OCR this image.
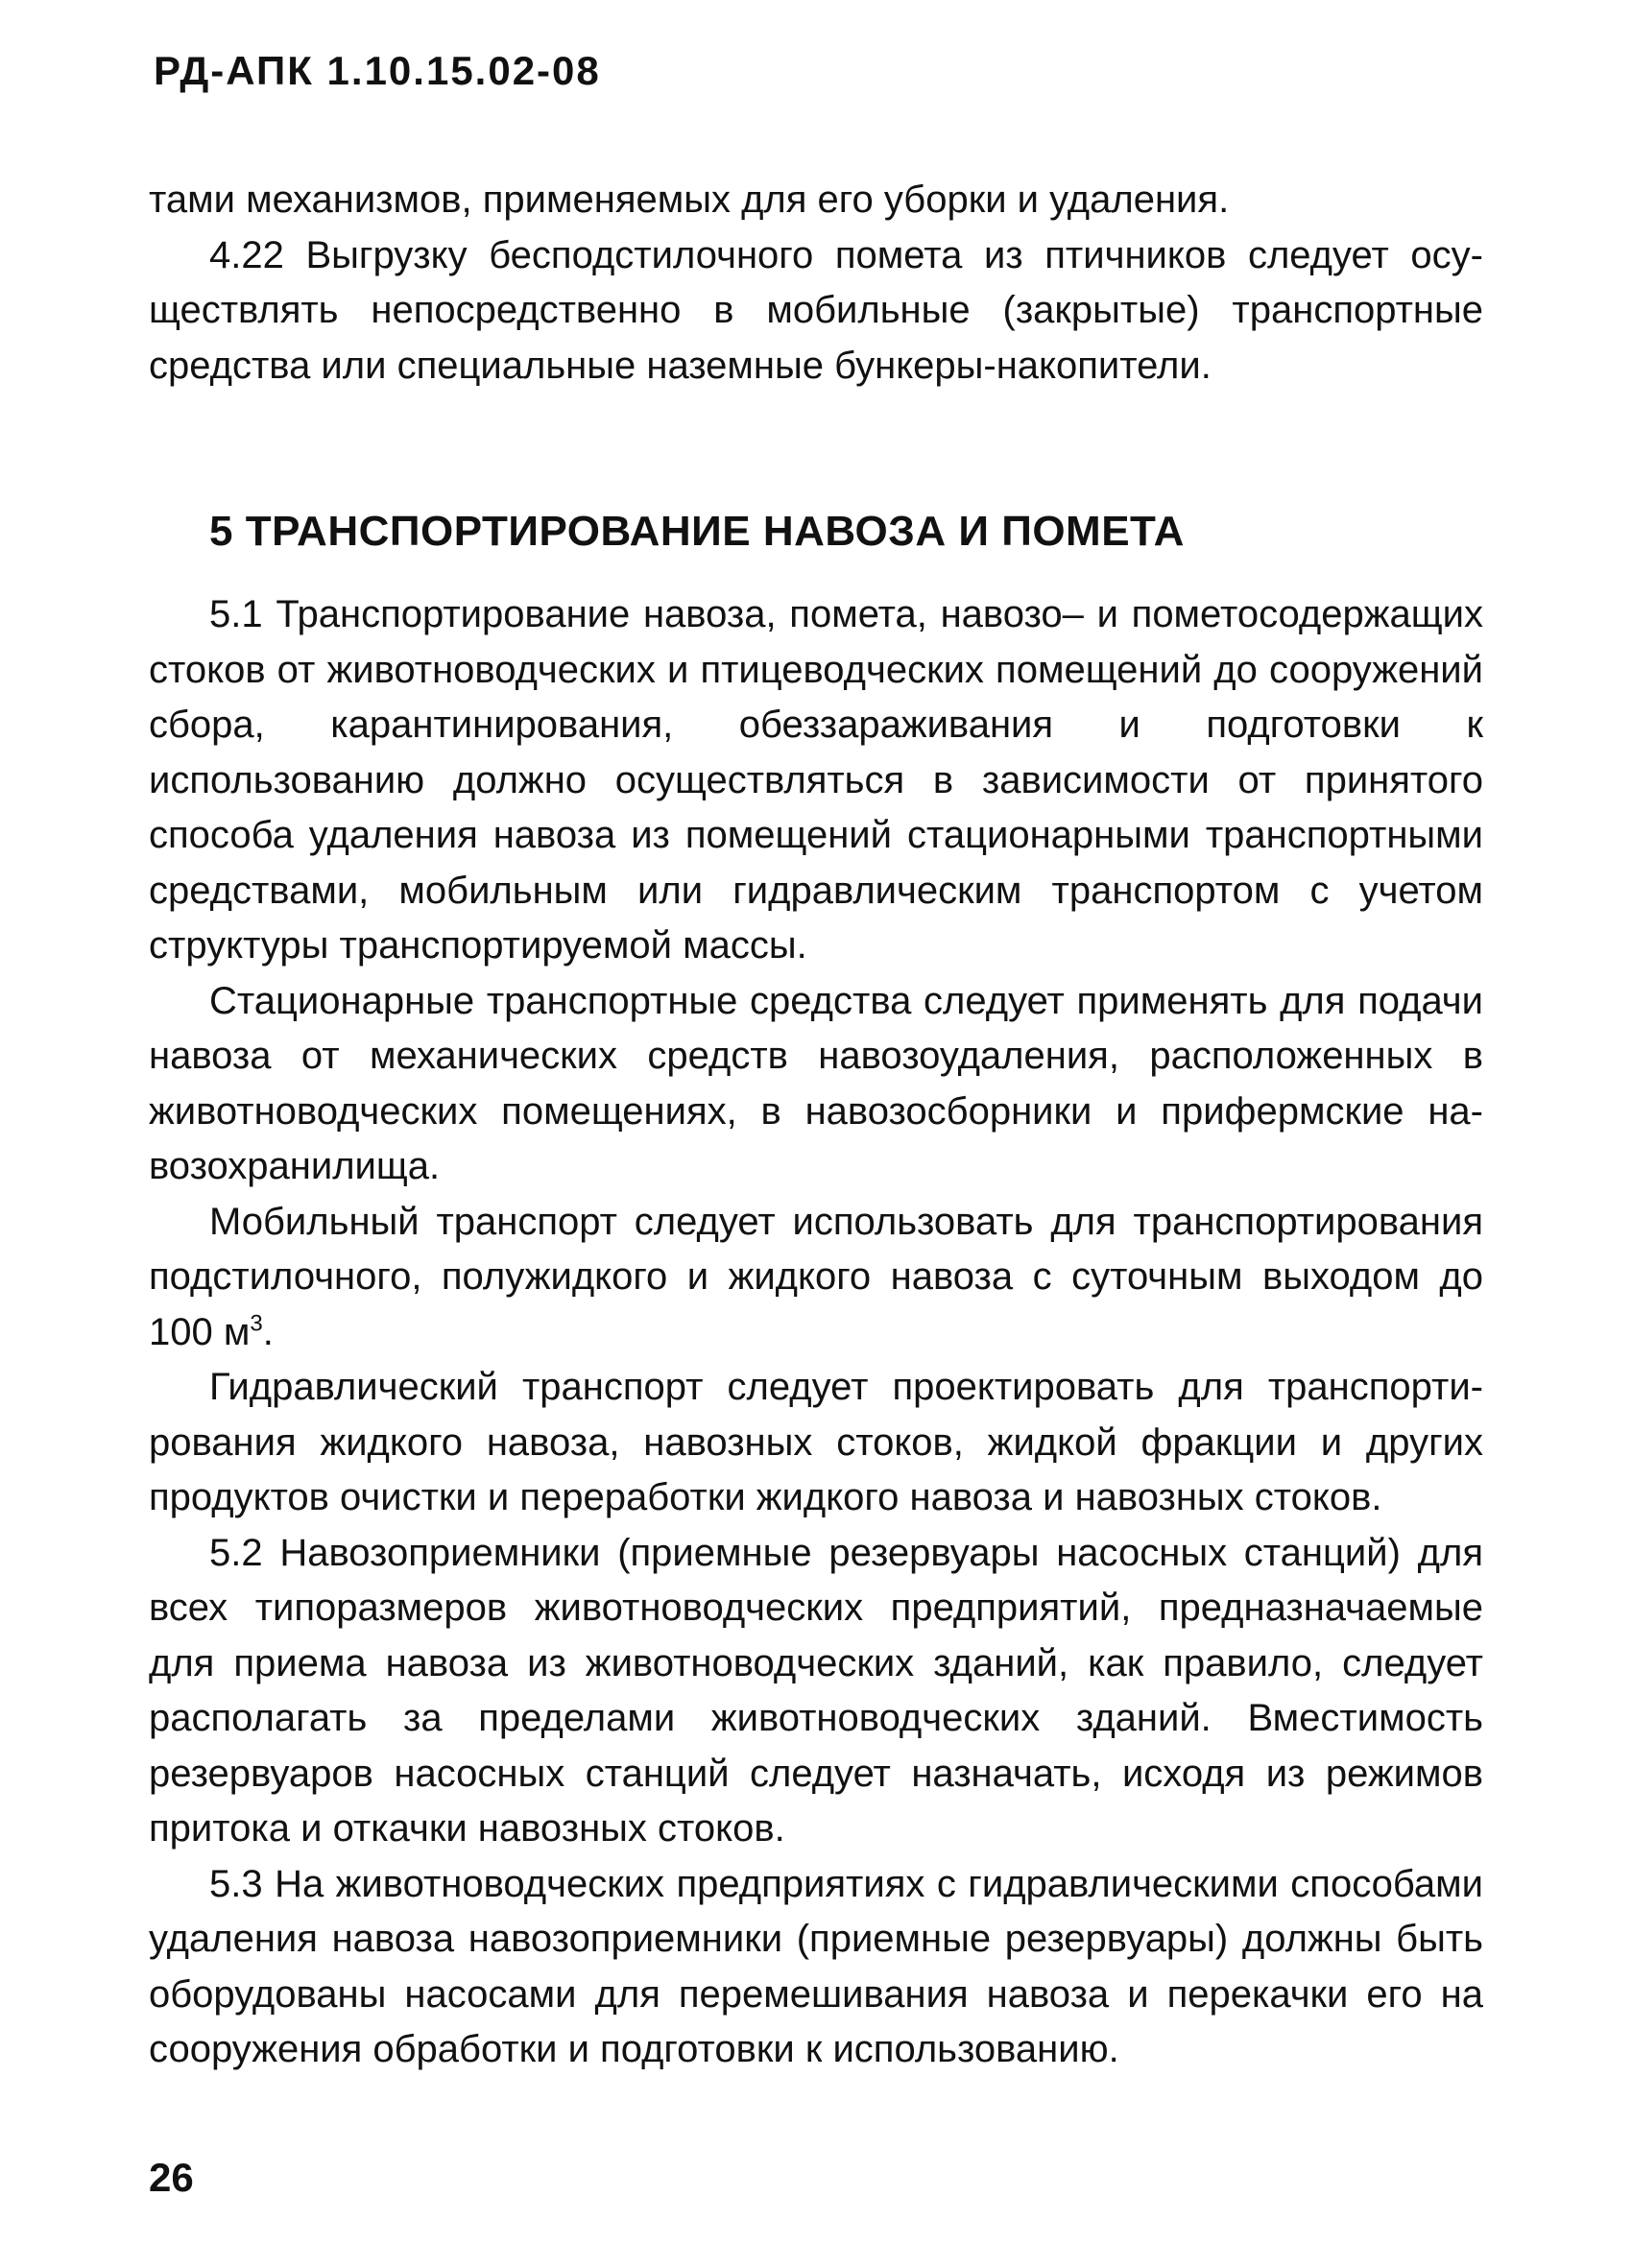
РД-АПК 1.10.15.02-08

тами механизмов, применяемых для его уборки и удаления.

4.22 Выгрузку бесподстилочного помета из птичников следует осуществлять непосредственно в мобильные (закрытые) транспортные средства или специальные наземные бункеры-накопители.

5 ТРАНСПОРТИРОВАНИЕ НАВОЗА И ПОМЕТА

5.1 Транспортирование навоза, помета, навозо– и пометосодержащих стоков от животноводческих и птицеводческих помещений до сооружений сбора, карантинирования, обеззараживания и подготовки к использованию должно осуществляться в зависимости от принятого способа удаления навоза из помещений стационарными транспортными средствами, мобильным или гидравлическим транспортом с учетом структуры транспортируемой массы.

Стационарные транспортные средства следует применять для подачи навоза от механических средств навозоудаления, расположенных в животноводческих помещениях, в навозосборники и прифермские навозохранилища.

Мобильный транспорт следует использовать для транспортирования подстилочного, полужидкого и жидкого навоза с суточным выходом до 100 $м^3$.

Гидравлический транспорт следует проектировать для транспортирования жидкого навоза, навозных стоков, жидкой фракции и других продуктов очистки и переработки жидкого навоза и навозных стоков.

5.2 Навозоприемники (приемные резервуары насосных станций) для всех типоразмеров животноводческих предприятий, предназначаемые для приема навоза из животноводческих зданий, как правило, следует располагать за пределами животноводческих зданий. Вместимость резервуаров насосных станций следует назначать, исходя из режимов притока и откачки навозных стоков.

5.3 На животноводческих предприятиях с гидравлическими способами удаления навоза навозоприемники (приемные резервуары) должны быть оборудованы насосами для перемешивания навоза и перекачки его на сооружения обработки и подготовки к использованию.

26
